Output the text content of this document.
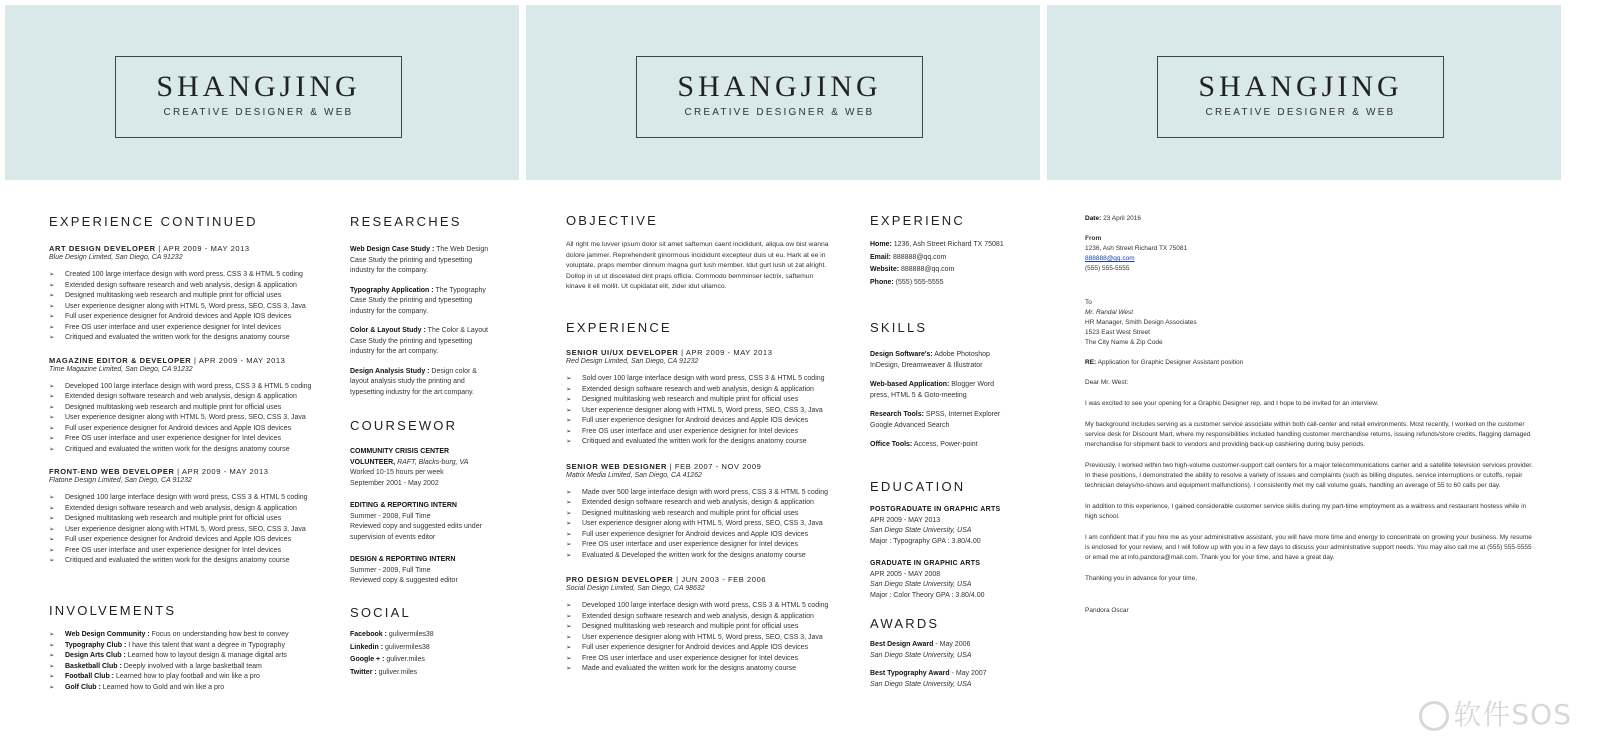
SHANGJING
CREATIVE DESIGNER & WEB
EXPERIENCE CONTINUED
ART DESIGN DEVELOPER | APR 2009 - MAY 2013
Blue Design Limited, San Diego, CA 91232
➢ Created 100 large interface design with word press, CSS 3 & HTML 5 coding
➢ Extended design software research and web analysis, design & application
➢ Designed multitasking web research and multiple print for official uses
➢ User experience designer along with HTML 5, Word press, SEO, CSS 3, Java
➢ Full user experience designer for Android devices and Apple IOS devices
➢ Free OS user interface and user experience designer for Intel devices
➢ Critiqued and evaluated the written work for the designs anatomy course
MAGAZINE EDITOR & DEVELOPER | APR 2009 - MAY 2013
Time Magazine Limited, San Diego, CA 91232
➢ Developed 100 large interface design with word press, CSS 3 & HTML 5 coding
➢ Extended design software research and web analysis, design & application
➢ Designed multitasking web research and multiple print for official uses
➢ User experience designer along with HTML 5, Word press, SEO, CSS 3, Java
➢ Full user experience designer for Android devices and Apple IOS devices
➢ Free OS user interface and user experience designer for Intel devices
➢ Critiqued and evaluated the written work for the designs anatomy course
FRONT-END WEB DEVELOPER | APR 2009 - MAY 2013
Flatone Design Limited, San Diego, CA 91232
➢ Designed 100 large interface design with word press, CSS 3 & HTML 5 coding
➢ Extended design software research and web analysis, design & application
➢ Designed multitasking web research and multiple print for official uses
➢ User experience designer along with HTML 5, Word press, SEO, CSS 3, Java
➢ Full user experience designer for Android devices and Apple IOS devices
➢ Free OS user interface and user experience designer for Intel devices
➢ Critiqued and evaluated the written work for the designs anatomy course
INVOLVEMENTS
➢ Web Design Community : Focus on understanding how best to convey
➢ Typography Club : I have this talent that want a degree in Typography
➢ Design Arts Club : Learned how to layout design & manage digital arts
➢ Basketball Club : Deeply involved with a large basketball team
➢ Football Club : Learned how to play football and win like a pro
➢ Golf Club : Learned how to Gold and win like a pro
RESEARCHES
Web Design Case Study : The Web Design Case Study the printing and typesetting industry for the company.
Typography Application : The Typography Case Study the printing and typesetting industry for the company.
Color & Layout Study : The Color & Layout Case Study the printing and typesetting industry for the art company.
Design Analysis Study : Design color & layout analysis study the printing and typesetting industry for the art company.
COURSEWOR
COMMUNITY CRISIS CENTER VOLUNTEER, RAFT, Blacks-burg, VA
Worked 10-15 hours per week
September 2001 - May 2002
EDITING & REPORTING INTERN
Summer - 2008, Full Time
Reviewed copy and suggested edits under supervision of events editor
DESIGN & REPORTING INTERN
Summer - 2009, Full Time
Reviewed copy & suggested editor
SOCIAL
Facebook : gulivermiles38
Linkedin : gulivermiles38
Google + : guliver.miles
Twitter : guliver.miles
SHANGJING
CREATIVE DESIGNER & WEB
OBJECTIVE
All right me luvver ipsum dolor sit amet saftemun caent incididunt, aliqua ow bist wanna dolore jammer. Reprehenderit ginormous incididunt excepteur duis ut eu. Hark at ee in voluptate, praps member dinnum magna gurt lush member. Idut gurt lush ut zat alright. Dollop in ut ut discelated dint praps officia. Commodo bemminser lectrix, saftemun kinave it ell mollit. Ut cupidatat elit, zider idut ullamco.
EXPERIENCE
SENIOR UI/UX DEVELOPER | APR 2009 - MAY 2013
Red Design Limited, San Diego, CA 91232
➢ Sold over 100 large interface design with word press, CSS 3 & HTML 5 coding
➢ Extended design software research and web analysis, design & application
➢ Designed multitasking web research and multiple print for official uses
➢ User experience designer along with HTML 5, Word press, SEO, CSS 3, Java
➢ Full user experience designer for Android devices and Apple IOS devices
➢ Free OS user interface and user experience designer for Intel devices
➢ Critiqued and evaluated the written work for the designs anatomy course
SENIOR WEB DESIGNER | FEB 2007 - NOV 2009
Matrix Media Limited, San Diego, CA 41262
➢ Made over 500 large interface design with word press, CSS 3 & HTML 5 coding
➢ Extended design software research and web analysis, design & application
➢ Designed multitasking web research and multiple print for official uses
➢ User experience designer along with HTML 5, Word press, SEO, CSS 3, Java
➢ Full user experience designer for Android devices and Apple IOS devices
➢ Free OS user interface and user experience designer for Intel devices
➢ Evaluated & Developed the written work for the designs anatomy course
PRO DESIGN DEVELOPER | JUN 2003 - FEB 2006
Social Design Limited, San Diego, CA 98632
➢ Developed 100 large interface design with word press, CSS 3 & HTML 5 coding
➢ Extended design software research and web analysis, design & application
➢ Designed multitasking web research and multiple print for official uses
➢ User experience designer along with HTML 5, Word press, SEO, CSS 3, Java
➢ Full user experience designer for Android devices and Apple IOS devices
➢ Free OS user interface and user experience designer for Intel devices
➢ Made and evaluated the written work for the designs anatomy course
EXPERIENC
Home: 1236, Ash Street Richard TX 75081
Email: 888888@qq.com
Website: 888888@qq.com
Phone: (555) 555-5555
SKILLS
Design Software's: Adobe Photoshop InDesign, Dreamweaver & Illustrator
Web-based Application: Blogger Word press, HTML 5 & Goto-meeting
Research Tools: SPSS, Internet Explorer Google Advanced Search
Office Tools: Access, Power-point
EDUCATION
POSTGRADUATE IN GRAPHIC ARTS
APR 2009 - MAY 2013
San Diego State University, USA
Major : Typography GPA : 3.80/4.00
GRADUATE IN GRAPHIC ARTS
APR 2005 - MAY 2008
San Diego State University, USA
Major : Color Theory GPA : 3.80/4.00
AWARDS
Best Design Award - May 2006
San Diego State University, USA
Best Typography Award - May 2007
San Diego State University, USA
SHANGJING
CREATIVE DESIGNER & WEB
Date: 23 April 2016
From
1236, Ash Street Richard TX 75081
888888@qq.com
(555) 555-5555
To
Mr. Randal West
HR Manager, Smith Design Associates
1523 East West Street
The City Name & Zip Code
RE: Application for Graphic Designer Assistant position
Dear Mr. West:
I was excited to see your opening for a Graphic Designer rep, and I hope to be invited for an interview.
My background includes serving as a customer service associate within both call-center and retail environments. Most recently, I worked on the customer service desk for Discount Mart, where my responsibilities included handling customer merchandise returns, issuing refunds/store credits, flagging damaged merchandise for shipment back to vendors and providing back-up cashiering during busy periods.
Previously, I worked within two high-volume customer-support call centers for a major telecommunications carrier and a satellite television services provider. In these positions, I demonstrated the ability to resolve a variety of issues and complaints (such as billing disputes, service interruptions or cutoffs, repair technician delays/no-shows and equipment malfunctions). I consistently met my call volume goals, handling an average of 55 to 60 calls per day.
In addition to this experience, I gained considerable customer service skills during my part-time employment as a waitress and restaurant hostess while in high school.
I am confident that if you hire me as your administrative assistant, you will have more time and energy to concentrate on growing your business. My resume is enclosed for your review, and I will follow up with you in a few days to discuss your administrative support needs. You may also call me at (555) 555-5555 or email me at info.pandora@mail.com. Thank you for your time, and have a great day.
Thanking you in advance for your time,
Pandora Oscar
软件SOS
